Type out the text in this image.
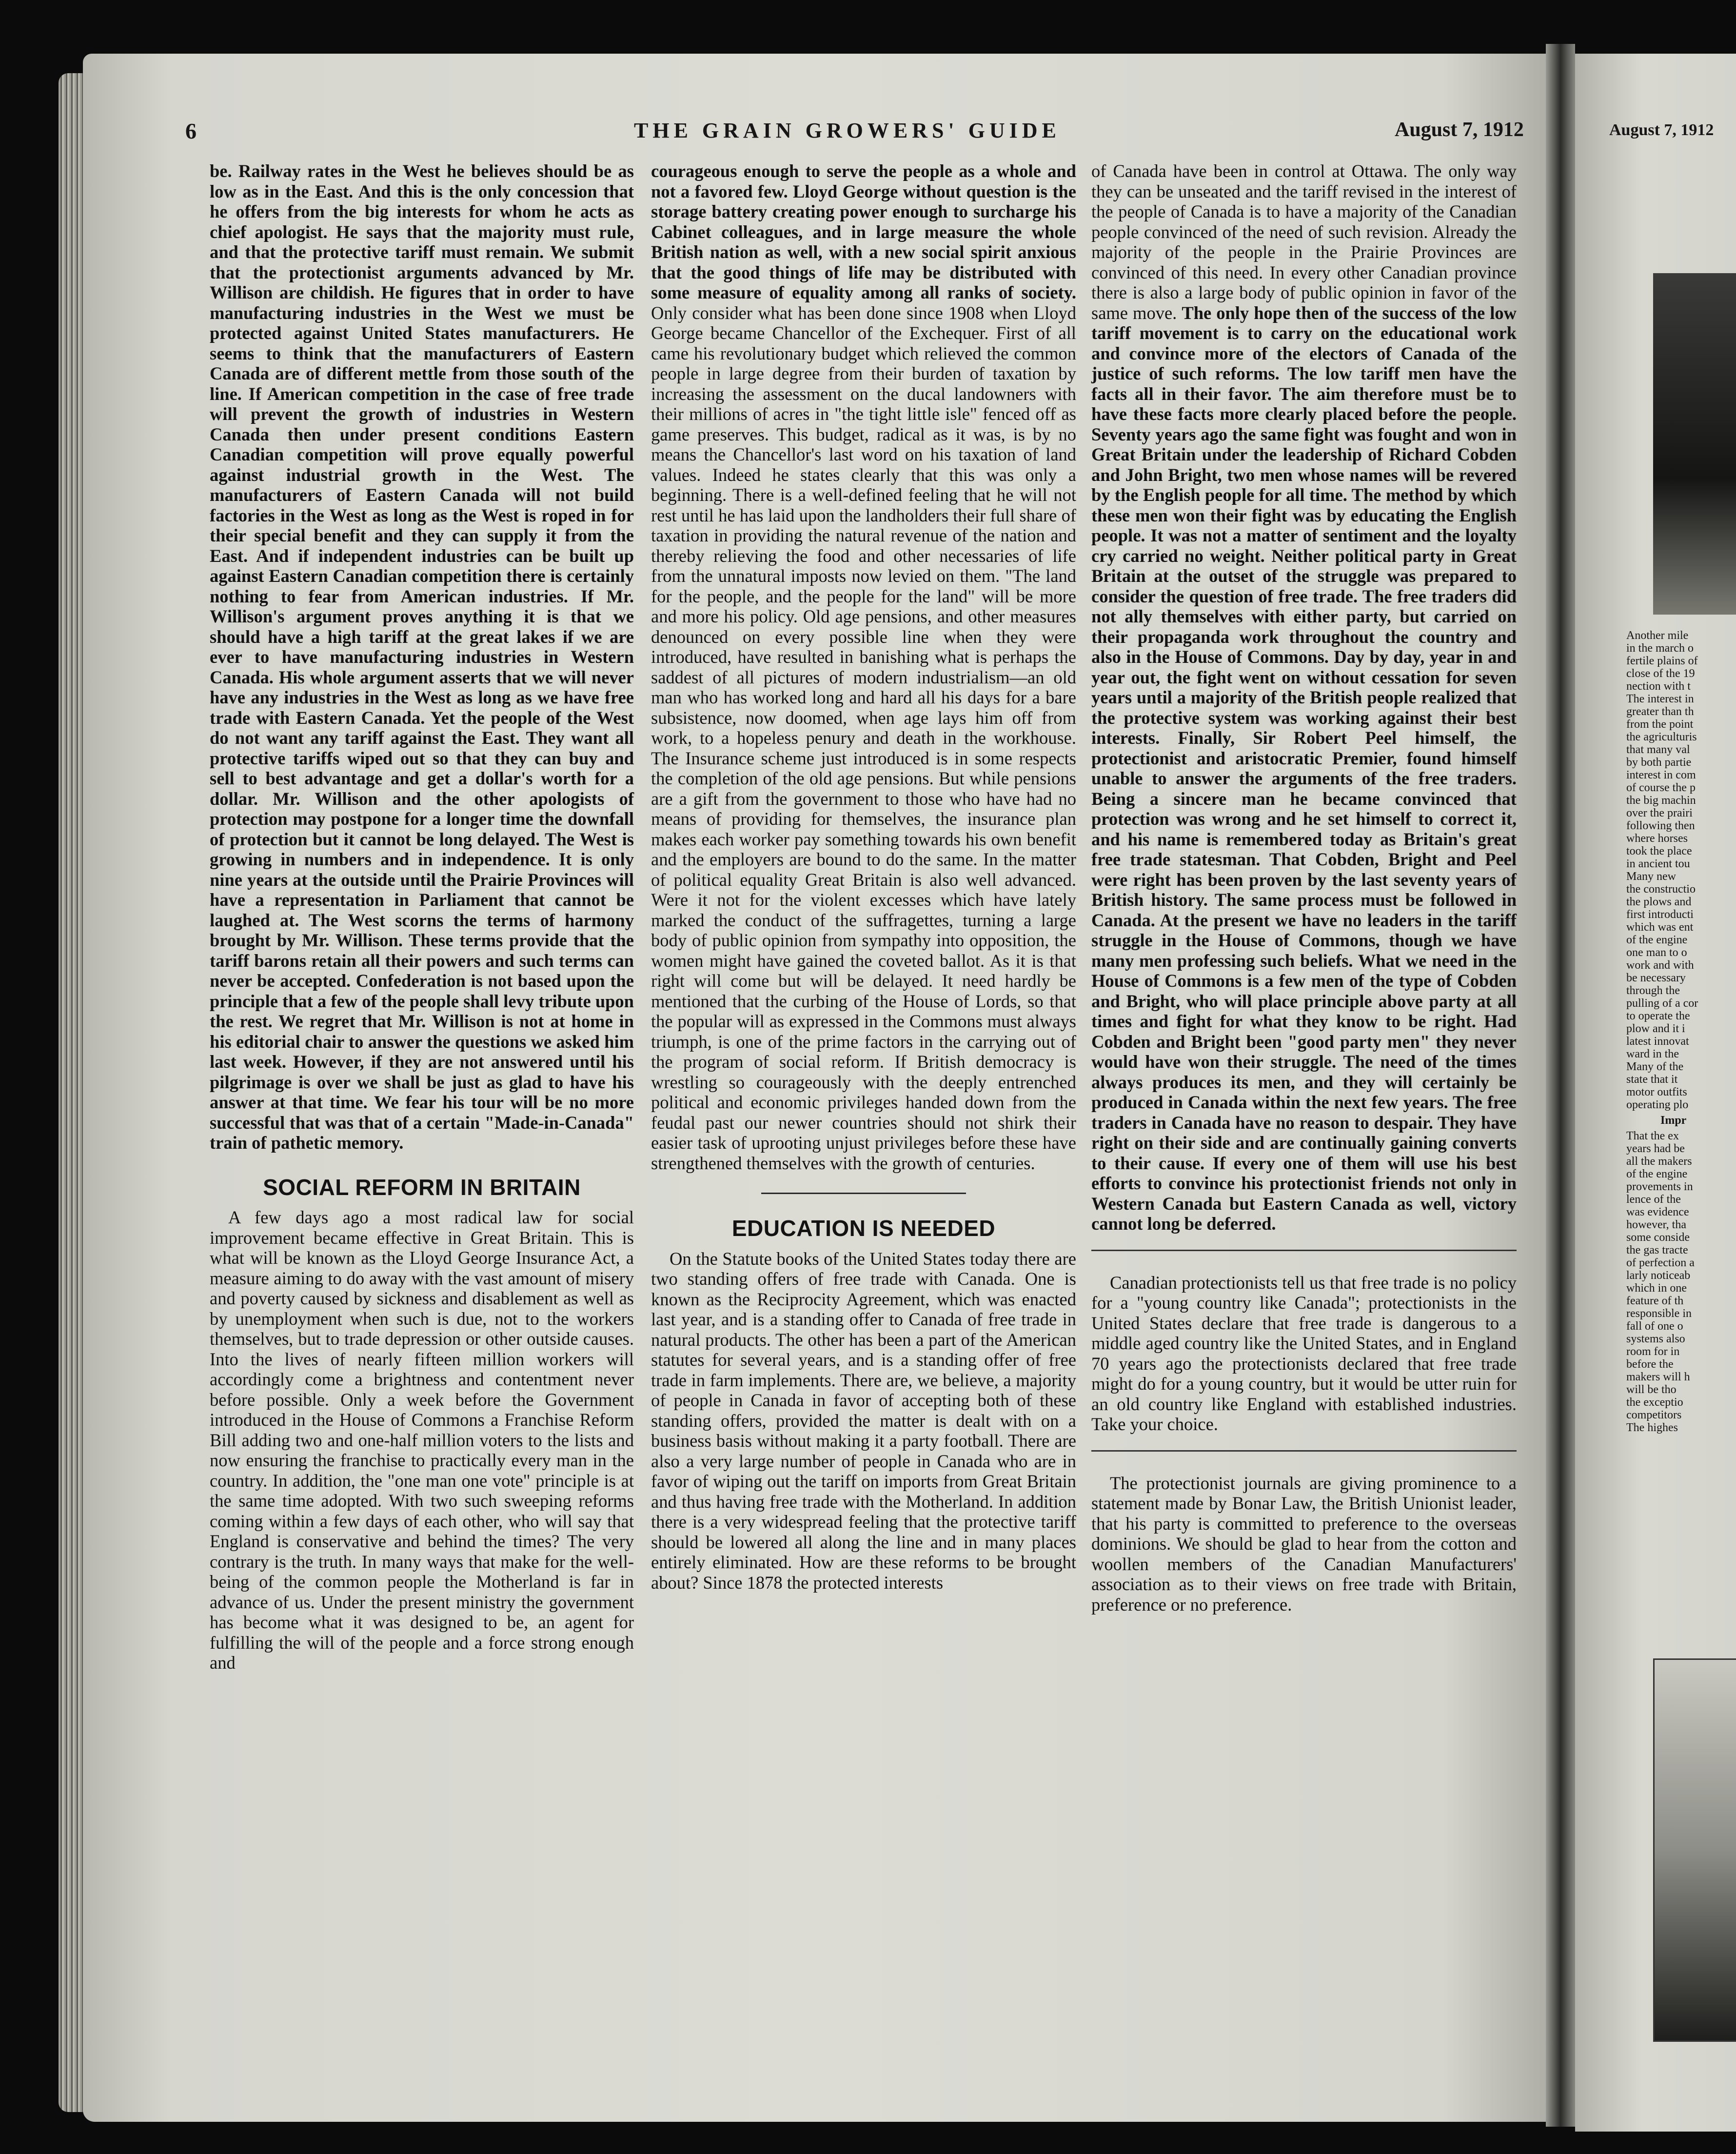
6	THE GRAIN GROWERS' GUIDE	August 7, 1912	August 7, 1912

be. Railway rates in the West he believes should be as low as in the East. And this is the only concession that he offers from the big interests for whom he acts as chief apologist. He says that the majority must rule, and that the protective tariff must remain. We submit that the protectionist arguments advanced by Mr. Willison are childish. He figures that in order to have manufacturing industries in the West we must be protected against United States manufacturers. He seems to think that the manufacturers of Eastern Canada are of different mettle from those south of the line. If American competition in the case of free trade will prevent the growth of industries in Western Canada then under present conditions Eastern Canadian competition will prove equally powerful against industrial growth in the West. The manufacturers of Eastern Canada will not build factories in the West as long as the West is roped in for their special benefit and they can supply it from the East. And if independent industries can be built up against Eastern Canadian competition there is certainly nothing to fear from American industries. If Mr. Willison's argument proves anything it is that we should have a high tariff at the great lakes if we are ever to have manufacturing industries in Western Canada. His whole argument asserts that we will never have any industries in the West as long as we have free trade with Eastern Canada. Yet the people of the West do not want any tariff against the East. They want all protective tariffs wiped out so that they can buy and sell to best advantage and get a dollar's worth for a dollar. Mr. Willison and the other apologists of protection may postpone for a longer time the downfall of protection but it cannot be long delayed. The West is growing in numbers and in independence. It is only nine years at the outside until the Prairie Provinces will have a representation in Parliament that cannot be laughed at. The West scorns the terms of harmony brought by Mr. Willison. These terms provide that the tariff barons retain all their powers and such terms can never be accepted. Confederation is not based upon the principle that a few of the people shall levy tribute upon the rest. We regret that Mr. Willison is not at home in his editorial chair to answer the questions we asked him last week. However, if they are not answered until his pilgrimage is over we shall be just as glad to have his answer at that time. We fear his tour will be no more successful that was that of a certain "Made-in-Canada" train of pathetic memory.

SOCIAL REFORM IN BRITAIN

A few days ago a most radical law for social improvement became effective in Great Britain. This is what will be known as the Lloyd George Insurance Act, a measure aiming to do away with the vast amount of misery and poverty caused by sickness and disablement as well as by unemployment when such is due, not to the workers themselves, but to trade depression or other outside causes. Into the lives of nearly fifteen million workers will accordingly come a brightness and contentment never before possible. Only a week before the Government introduced in the House of Commons a Franchise Reform Bill adding two and one-half million voters to the lists and now ensuring the franchise to practically every man in the country. In addition, the "one man one vote" principle is at the same time adopted. With two such sweeping reforms coming within a few days of each other, who will say that England is conservative and behind the times? The very contrary is the truth. In many ways that make for the well-being of the common people the Motherland is far in advance of us. Under the present ministry the government has become what it was designed to be, an agent for fulfilling the will of the people and a force strong enough and

courageous enough to serve the people as a whole and not a favored few. Lloyd George without question is the storage battery creating power enough to surcharge his Cabinet colleagues, and in large measure the whole British nation as well, with a new social spirit anxious that the good things of life may be distributed with some measure of equality among all ranks of society. Only consider what has been done since 1908 when Lloyd George became Chancellor of the Exchequer. First of all came his revolutionary budget which relieved the common people in large degree from their burden of taxation by increasing the assessment on the ducal landowners with their millions of acres in "the tight little isle" fenced off as game preserves. This budget, radical as it was, is by no means the Chancellor's last word on his taxation of land values. Indeed he states clearly that this was only a beginning. There is a well-defined feeling that he will not rest until he has laid upon the landholders their full share of taxation in providing the natural revenue of the nation and thereby relieving the food and other necessaries of life from the unnatural imposts now levied on them. "The land for the people, and the people for the land" will be more and more his policy. Old age pensions, and other measures denounced on every possible line when they were introduced, have resulted in banishing what is perhaps the saddest of all pictures of modern industrialism—an old man who has worked long and hard all his days for a bare subsistence, now doomed, when age lays him off from work, to a hopeless penury and death in the workhouse. The Insurance scheme just introduced is in some respects the completion of the old age pensions. But while pensions are a gift from the government to those who have had no means of providing for themselves, the insurance plan makes each worker pay something towards his own benefit and the employers are bound to do the same. In the matter of political equality Great Britain is also well advanced. Were it not for the violent excesses which have lately marked the conduct of the suffragettes, turning a large body of public opinion from sympathy into opposition, the women might have gained the coveted ballot. As it is that right will come but will be delayed. It need hardly be mentioned that the curbing of the House of Lords, so that the popular will as expressed in the Commons must always triumph, is one of the prime factors in the carrying out of the program of social reform. If British democracy is wrestling so courageously with the deeply entrenched political and economic privileges handed down from the feudal past our newer countries should not shirk their easier task of uprooting unjust privileges before these have strengthened themselves with the growth of centuries.

EDUCATION IS NEEDED

On the Statute books of the United States today there are two standing offers of free trade with Canada. One is known as the Reciprocity Agreement, which was enacted last year, and is a standing offer to Canada of free trade in natural products. The other has been a part of the American statutes for several years, and is a standing offer of free trade in farm implements. There are, we believe, a majority of people in Canada in favor of accepting both of these standing offers, provided the matter is dealt with on a business basis without making it a party football. There are also a very large number of people in Canada who are in favor of wiping out the tariff on imports from Great Britain and thus having free trade with the Motherland. In addition there is a very widespread feeling that the protective tariff should be lowered all along the line and in many places entirely eliminated. How are these reforms to be brought about? Since 1878 the protected interests

of Canada have been in control at Ottawa. The only way they can be unseated and the tariff revised in the interest of the people of Canada is to have a majority of the Canadian people convinced of the need of such revision. Already the majority of the people in the Prairie Provinces are convinced of this need. In every other Canadian province there is also a large body of public opinion in favor of the same move. The only hope then of the success of the low tariff movement is to carry on the educational work and convince more of the electors of Canada of the justice of such reforms. The low tariff men have the facts all in their favor. The aim therefore must be to have these facts more clearly placed before the people. Seventy years ago the same fight was fought and won in Great Britain under the leadership of Richard Cobden and John Bright, two men whose names will be revered by the English people for all time. The method by which these men won their fight was by educating the English people. It was not a matter of sentiment and the loyalty cry carried no weight. Neither political party in Great Britain at the outset of the struggle was prepared to consider the question of free trade. The free traders did not ally themselves with either party, but carried on their propaganda work throughout the country and also in the House of Commons. Day by day, year in and year out, the fight went on without cessation for seven years until a majority of the British people realized that the protective system was working against their best interests. Finally, Sir Robert Peel himself, the protectionist and aristocratic Premier, found himself unable to answer the arguments of the free traders. Being a sincere man he became convinced that protection was wrong and he set himself to correct it, and his name is remembered today as Britain's great free trade statesman. That Cobden, Bright and Peel were right has been proven by the last seventy years of British history. The same process must be followed in Canada. At the present we have no leaders in the tariff struggle in the House of Commons, though we have many men professing such beliefs. What we need in the House of Commons is a few men of the type of Cobden and Bright, who will place principle above party at all times and fight for what they know to be right. Had Cobden and Bright been "good party men" they never would have won their struggle. The need of the times always produces its men, and they will certainly be produced in Canada within the next few years. The free traders in Canada have no reason to despair. They have right on their side and are continually gaining converts to their cause. If every one of them will use his best efforts to convince his protectionist friends not only in Western Canada but Eastern Canada as well, victory cannot long be deferred.

Canadian protectionists tell us that free trade is no policy for a "young country like Canada"; protectionists in the United States declare that free trade is dangerous to a middle aged country like the United States, and in England 70 years ago the protectionists declared that free trade might do for a young country, but it would be utter ruin for an old country like England with established industries. Take your choice.

The protectionist journals are giving prominence to a statement made by Bonar Law, the British Unionist leader, that his party is committed to preference to the overseas dominions. We should be glad to hear from the cotton and woollen members of the Canadian Manufacturers' association as to their views on free trade with Britain, preference or no preference.

Another mile
in the march o
fertile plains of
close of the 19
nection with t
The interest in
greater than th
from the point
the agriculturis
that many val
by both partie
interest in com
of course the p
the big machin
over the prairi
following then
where horses
took the place
in ancient tou
Many new
the constructio
the plows and
first introducti
which was ent
of the engine
one man to o
work and with
be necessary
through the
pulling of a cor
to operate the
plow and it i
latest innovat
ward in the
Many of the
state that it
motor outfits
operating plo
Impr
That the ex
years had be
all the makers
of the engine
provements in
lence of the
was evidence
however, tha
some conside
the gas tracte
of perfection a
larly noticeab
which in one
feature of th
responsible in
fall of one o
systems also
room for in
before the
makers will h
will be tho
the exceptio
competitors
The highes
